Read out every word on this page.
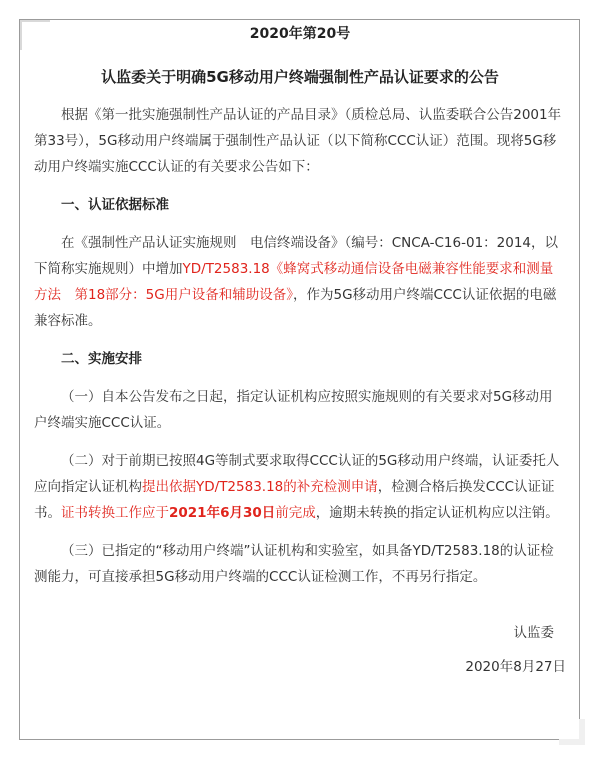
2020年第20号
认监委关于明确5G移动用户终端强制性产品认证要求的公告

根据《第一批实施强制性产品认证的产品目录》（质检总局、认监委联合公告2001年第33号），5G移动用户终端属于强制性产品认证（以下简称CCC认证）范围。现将5G移动用户终端实施CCC认证的有关要求公告如下：

一、认证依据标准

在《强制性产品认证实施规则　电信终端设备》（编号：CNCA-C16-01：2014，以下简称实施规则）中增加YD/T2583.18《蜂窝式移动通信设备电磁兼容性能要求和测量方法　第18部分：5G用户设备和辅助设备》，作为5G移动用户终端CCC认证依据的电磁兼容标准。

二、实施安排

（一）自本公告发布之日起，指定认证机构应按照实施规则的有关要求对5G移动用户终端实施CCC认证。

（二）对于前期已按照4G等制式要求取得CCC认证的5G移动用户终端，认证委托人应向指定认证机构提出依据YD/T2583.18的补充检测申请，检测合格后换发CCC认证证书。证书转换工作应于2021年6月30日前完成，逾期未转换的指定认证机构应以注销。

（三）已指定的“移动用户终端”认证机构和实验室，如具备YD/T2583.18的认证检测能力，可直接承担5G移动用户终端的CCC认证检测工作，不再另行指定。

认监委

2020年8月27日
